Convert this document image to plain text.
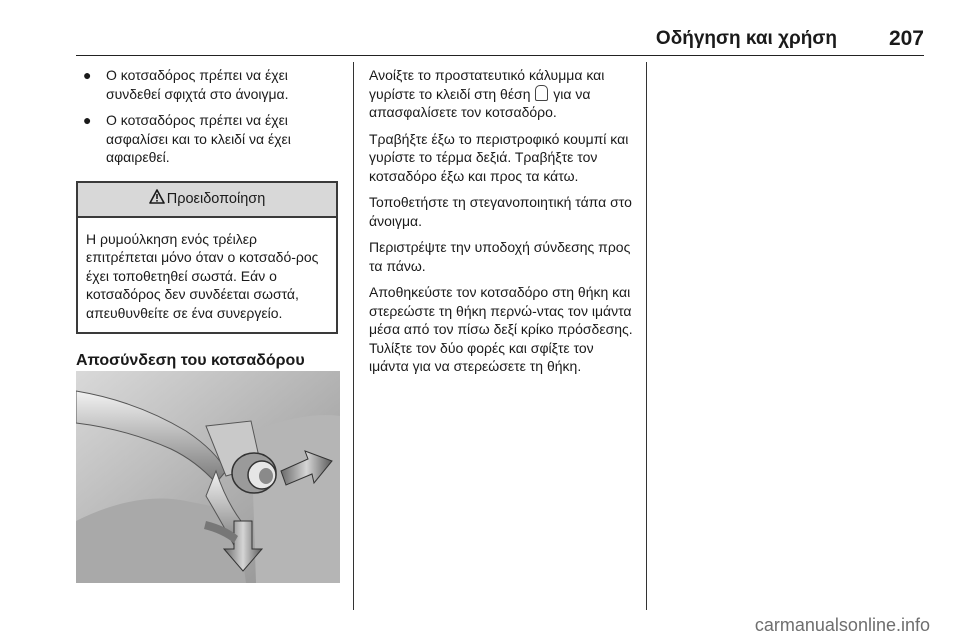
Οδήγηση και χρήση 207
● Ο κοτσαδόρος πρέπει να έχει συνδεθεί σφιχτά στο άνοιγμα.
● Ο κοτσαδόρος πρέπει να έχει ασφαλίσει και το κλειδί να έχει αφαιρεθεί.
Προειδοποίηση
Η ρυμούλκηση ενός τρέιλερ επιτρέπεται μόνο όταν ο κοτσαδό-ρος έχει τοποθετηθεί σωστά. Εάν ο κοτσαδόρος δεν συνδέεται σωστά, απευθυνθείτε σε ένα συνεργείο.
Αποσύνδεση του κοτσαδόρου

Ανοίξτε το προστατευτικό κάλυμμα και γυρίστε το κλειδί στη θέση για να απασφαλίσετε τον κοτσαδόρο.

Τραβήξτε έξω το περιστροφικό κουμπί και γυρίστε το τέρμα δεξιά. Τραβήξτε τον κοτσαδόρο έξω και προς τα κάτω.

Τοποθετήστε τη στεγανοποιητική τάπα στο άνοιγμα.

Περιστρέψτε την υποδοχή σύνδεσης προς τα πάνω.

Αποθηκεύστε τον κοτσαδόρο στη θήκη και στερεώστε τη θήκη περνώ-ντας τον ιμάντα μέσα από τον πίσω δεξί κρίκο πρόσδεσης. Τυλίξτε τον δύο φορές και σφίξτε τον ιμάντα για να στερεώσετε τη θήκη.

carmanualsonline.info
